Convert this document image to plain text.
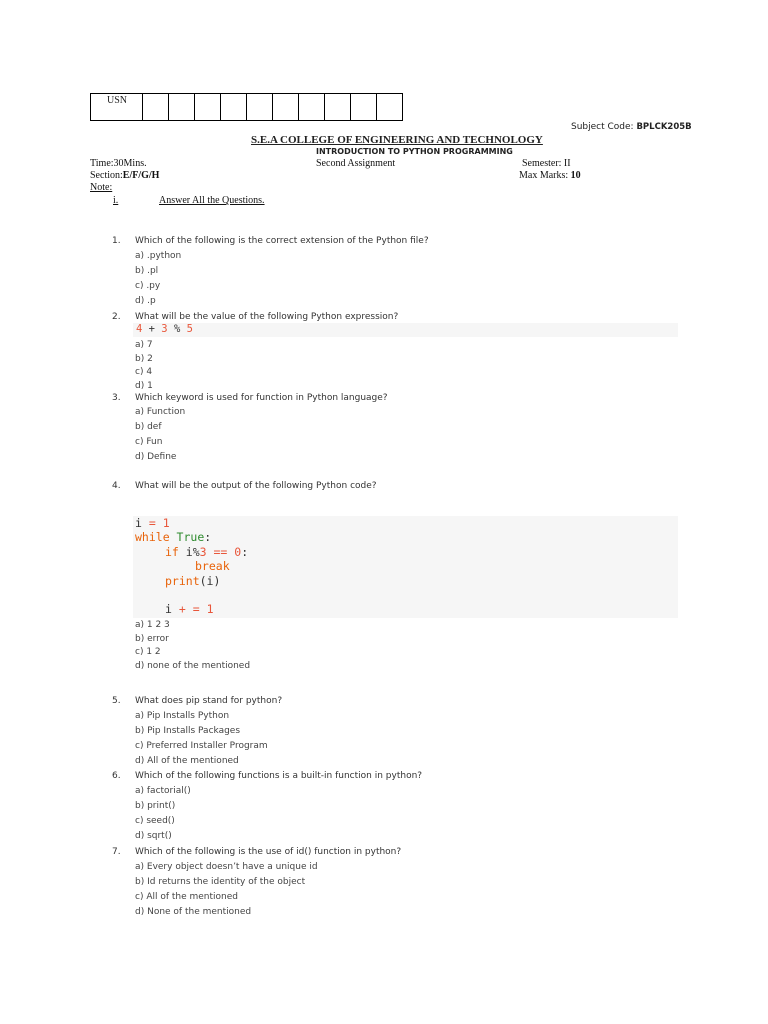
USN										
Subject Code: BPLCK205B
S.E.A COLLEGE OF ENGINEERING AND TECHNOLOGY
INTRODUCTION TO PYTHON PROGRAMMING
Time:30Mins.	Second Assignment	Semester: II
Section:E/F/G/H	Max Marks: 10
Note:
i.	Answer All the Questions.
1.	Which of the following is the correct extension of the Python file?
a) .python
b) .pl
c) .py
d) .p
2.	What will be the value of the following Python expression?
4 + 3 % 5
a) 7
b) 2
c) 4
d) 1
3.	Which keyword is used for function in Python language?
a) Function
b) def
c) Fun
d) Define
4.	What will be the output of the following Python code?
i = 1
while True:
if i%3 == 0:
break
print(i)
i + = 1
a) 1 2 3
b) error
c) 1 2
d) none of the mentioned
5.	What does pip stand for python?
a) Pip Installs Python
b) Pip Installs Packages
c) Preferred Installer Program
d) All of the mentioned
6.	Which of the following functions is a built-in function in python?
a) factorial()
b) print()
c) seed()
d) sqrt()
7.	Which of the following is the use of id() function in python?
a) Every object doesn’t have a unique id
b) Id returns the identity of the object
c) All of the mentioned
d) None of the mentioned
